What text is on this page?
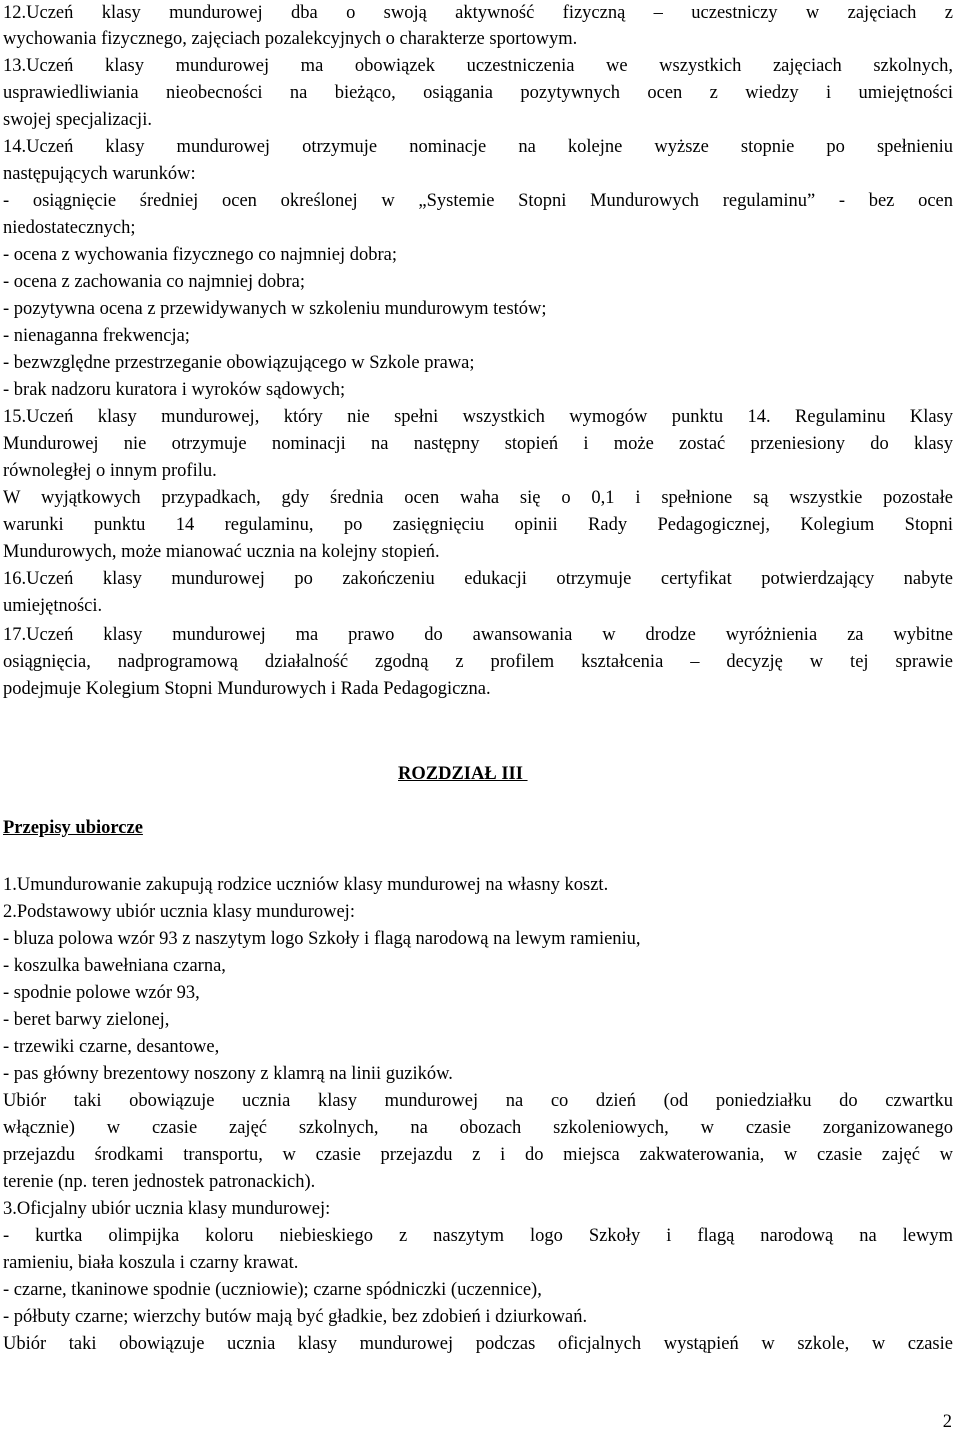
12.Uczeń klasy mundurowej dba o swoją aktywność fizyczną – uczestniczy w zajęciach z
wychowania fizycznego, zajęciach pozalekcyjnych o charakterze sportowym.
13.Uczeń klasy mundurowej ma obowiązek uczestniczenia we wszystkich zajęciach szkolnych,
usprawiedliwiania nieobecności na bieżąco, osiągania pozytywnych ocen z wiedzy i umiejętności
swojej specjalizacji.
14.Uczeń klasy mundurowej otrzymuje nominacje na kolejne wyższe stopnie po spełnieniu
następujących warunków:
- osiągnięcie średniej ocen określonej w „Systemie Stopni Mundurowych regulaminu” - bez ocen
niedostatecznych;
- ocena z wychowania fizycznego co najmniej dobra;
- ocena z zachowania co najmniej dobra;
- pozytywna ocena z przewidywanych w szkoleniu mundurowym testów;
- nienaganna frekwencja;
- bezwzględne przestrzeganie obowiązującego w Szkole prawa;
- brak nadzoru kuratora i wyroków sądowych;
15.Uczeń klasy mundurowej, który nie spełni wszystkich wymogów punktu 14. Regulaminu Klasy
Mundurowej nie otrzymuje nominacji na następny stopień i może zostać przeniesiony do klasy
równoległej o innym profilu.
W wyjątkowych przypadkach, gdy średnia ocen waha się o 0,1 i spełnione są wszystkie pozostałe
warunki punktu 14 regulaminu, po zasięgnięciu opinii Rady Pedagogicznej, Kolegium Stopni
Mundurowych, może mianować ucznia na kolejny stopień.
16.Uczeń klasy mundurowej po zakończeniu edukacji otrzymuje certyfikat potwierdzający nabyte
umiejętności.
17.Uczeń klasy mundurowej ma prawo do awansowania w drodze wyróżnienia za wybitne
osiągnięcia, nadprogramową działalność zgodną z profilem kształcenia – decyzję w tej sprawie
podejmuje Kolegium Stopni Mundurowych i Rada Pedagogiczna.
ROZDZIAŁ III
Przepisy ubiorcze
1.Umundurowanie zakupują rodzice uczniów klasy mundurowej na własny koszt.
2.Podstawowy ubiór ucznia klasy mundurowej:
- bluza polowa wzór 93 z naszytym logo Szkoły i flagą narodową na lewym ramieniu,
- koszulka bawełniana czarna,
- spodnie polowe wzór 93,
- beret barwy zielonej,
- trzewiki czarne, desantowe,
- pas główny brezentowy noszony z klamrą na linii guzików.
Ubiór taki obowiązuje ucznia klasy mundurowej na co dzień (od poniedziałku do czwartku
włącznie) w czasie zajęć szkolnych, na obozach szkoleniowych, w czasie zorganizowanego
przejazdu środkami transportu, w czasie przejazdu z i do miejsca zakwaterowania, w czasie zajęć w
terenie (np. teren jednostek patronackich).
3.Oficjalny ubiór ucznia klasy mundurowej:
- kurtka olimpijka koloru niebieskiego z naszytym logo Szkoły i flagą narodową na lewym
ramieniu, biała koszula i czarny krawat.
- czarne, tkaninowe spodnie (uczniowie); czarne spódniczki (uczennice),
- półbuty czarne; wierzchy butów mają być gładkie, bez zdobień i dziurkowań.
Ubiór taki obowiązuje ucznia klasy mundurowej podczas oficjalnych wystąpień w szkole, w czasie
2
